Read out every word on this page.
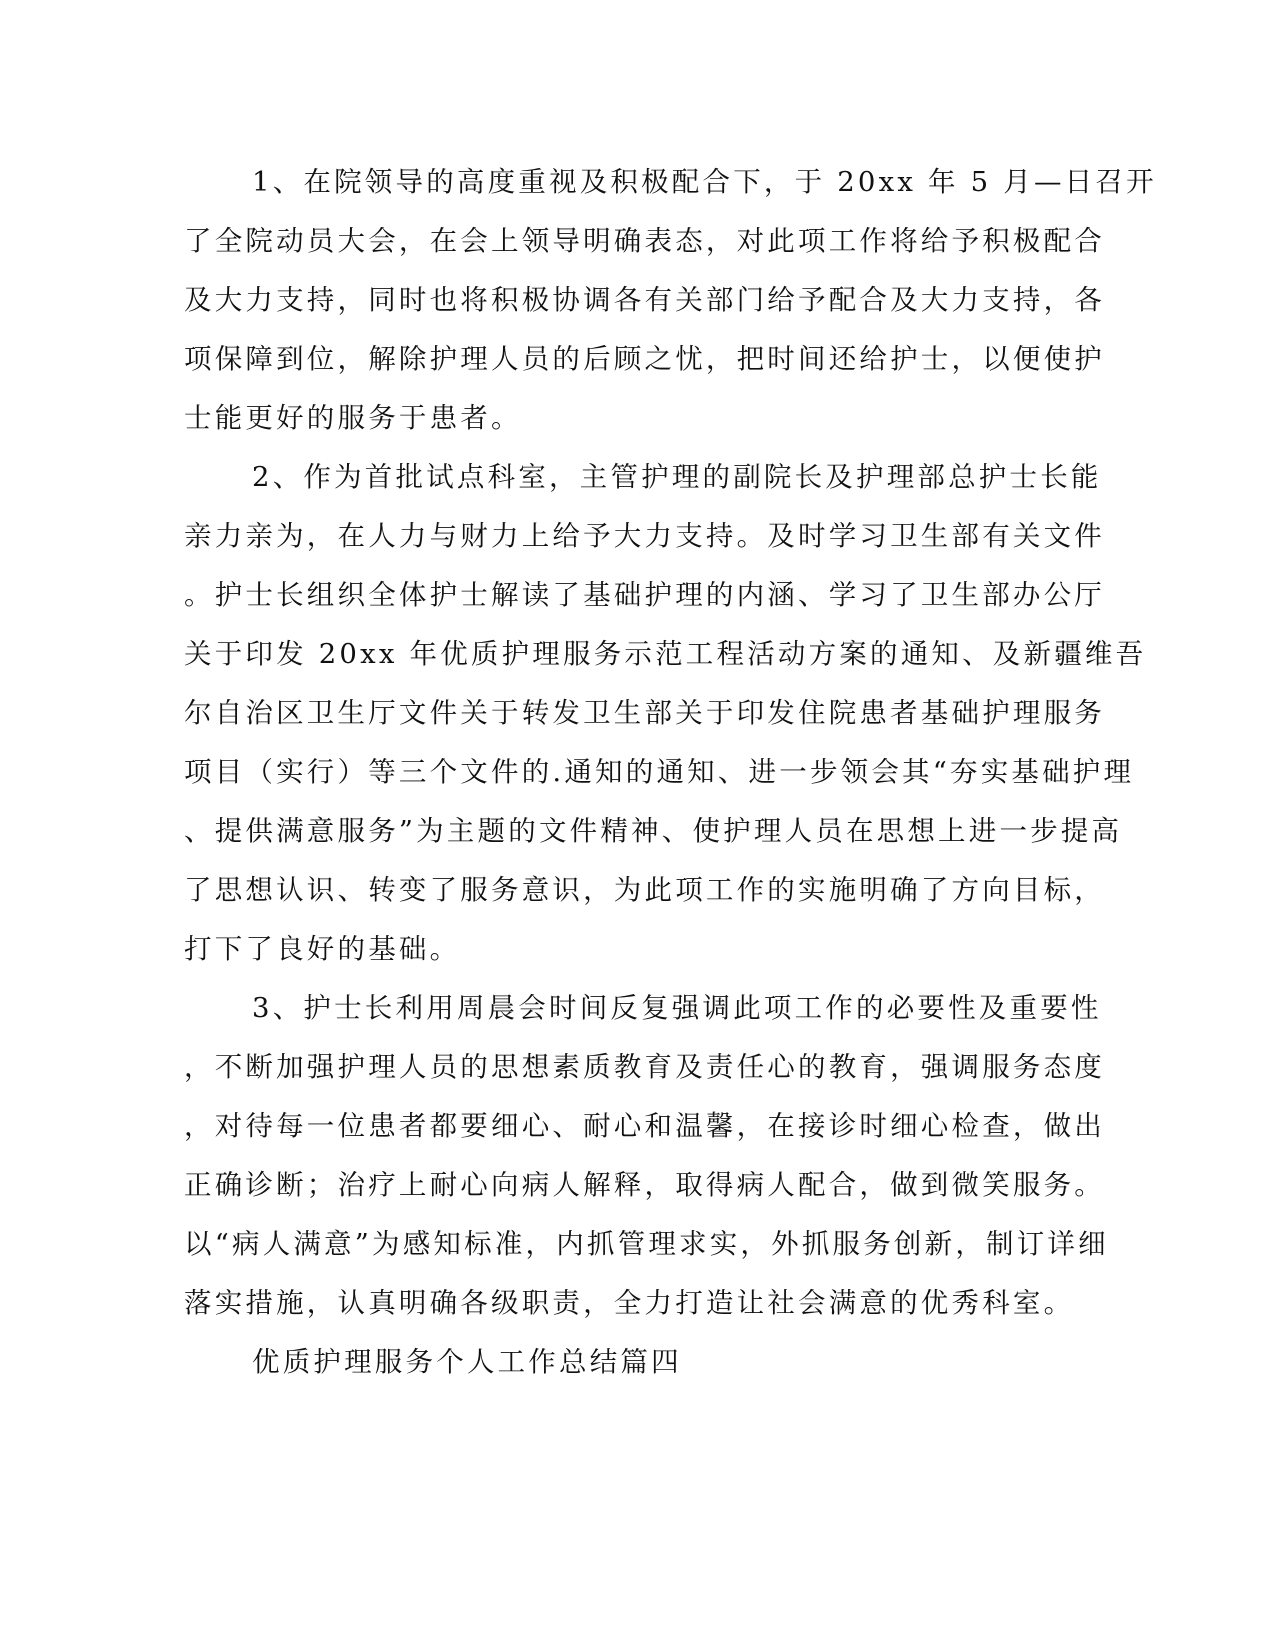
1、在院领导的高度重视及积极配合下，于 20xx 年 5 月—日召开
了全院动员大会，在会上领导明确表态，对此项工作将给予积极配合
及大力支持，同时也将积极协调各有关部门给予配合及大力支持，各
项保障到位，解除护理人员的后顾之忧，把时间还给护士，以便使护
士能更好的服务于患者。
2、作为首批试点科室，主管护理的副院长及护理部总护士长能
亲力亲为，在人力与财力上给予大力支持。及时学习卫生部有关文件
。护士长组织全体护士解读了基础护理的内涵、学习了卫生部办公厅
关于印发 20xx 年优质护理服务示范工程活动方案的通知、及新疆维吾
尔自治区卫生厅文件关于转发卫生部关于印发住院患者基础护理服务
项目（实行）等三个文件的.通知的通知、进一步领会其“夯实基础护理
、提供满意服务”为主题的文件精神、使护理人员在思想上进一步提高
了思想认识、转变了服务意识，为此项工作的实施明确了方向目标，
打下了良好的基础。
3、护士长利用周晨会时间反复强调此项工作的必要性及重要性
，不断加强护理人员的思想素质教育及责任心的教育，强调服务态度
，对待每一位患者都要细心、耐心和温馨，在接诊时细心检查，做出
正确诊断；治疗上耐心向病人解释，取得病人配合，做到微笑服务。
以“病人满意”为感知标准，内抓管理求实，外抓服务创新，制订详细
落实措施，认真明确各级职责，全力打造让社会满意的优秀科室。
优质护理服务个人工作总结篇四
